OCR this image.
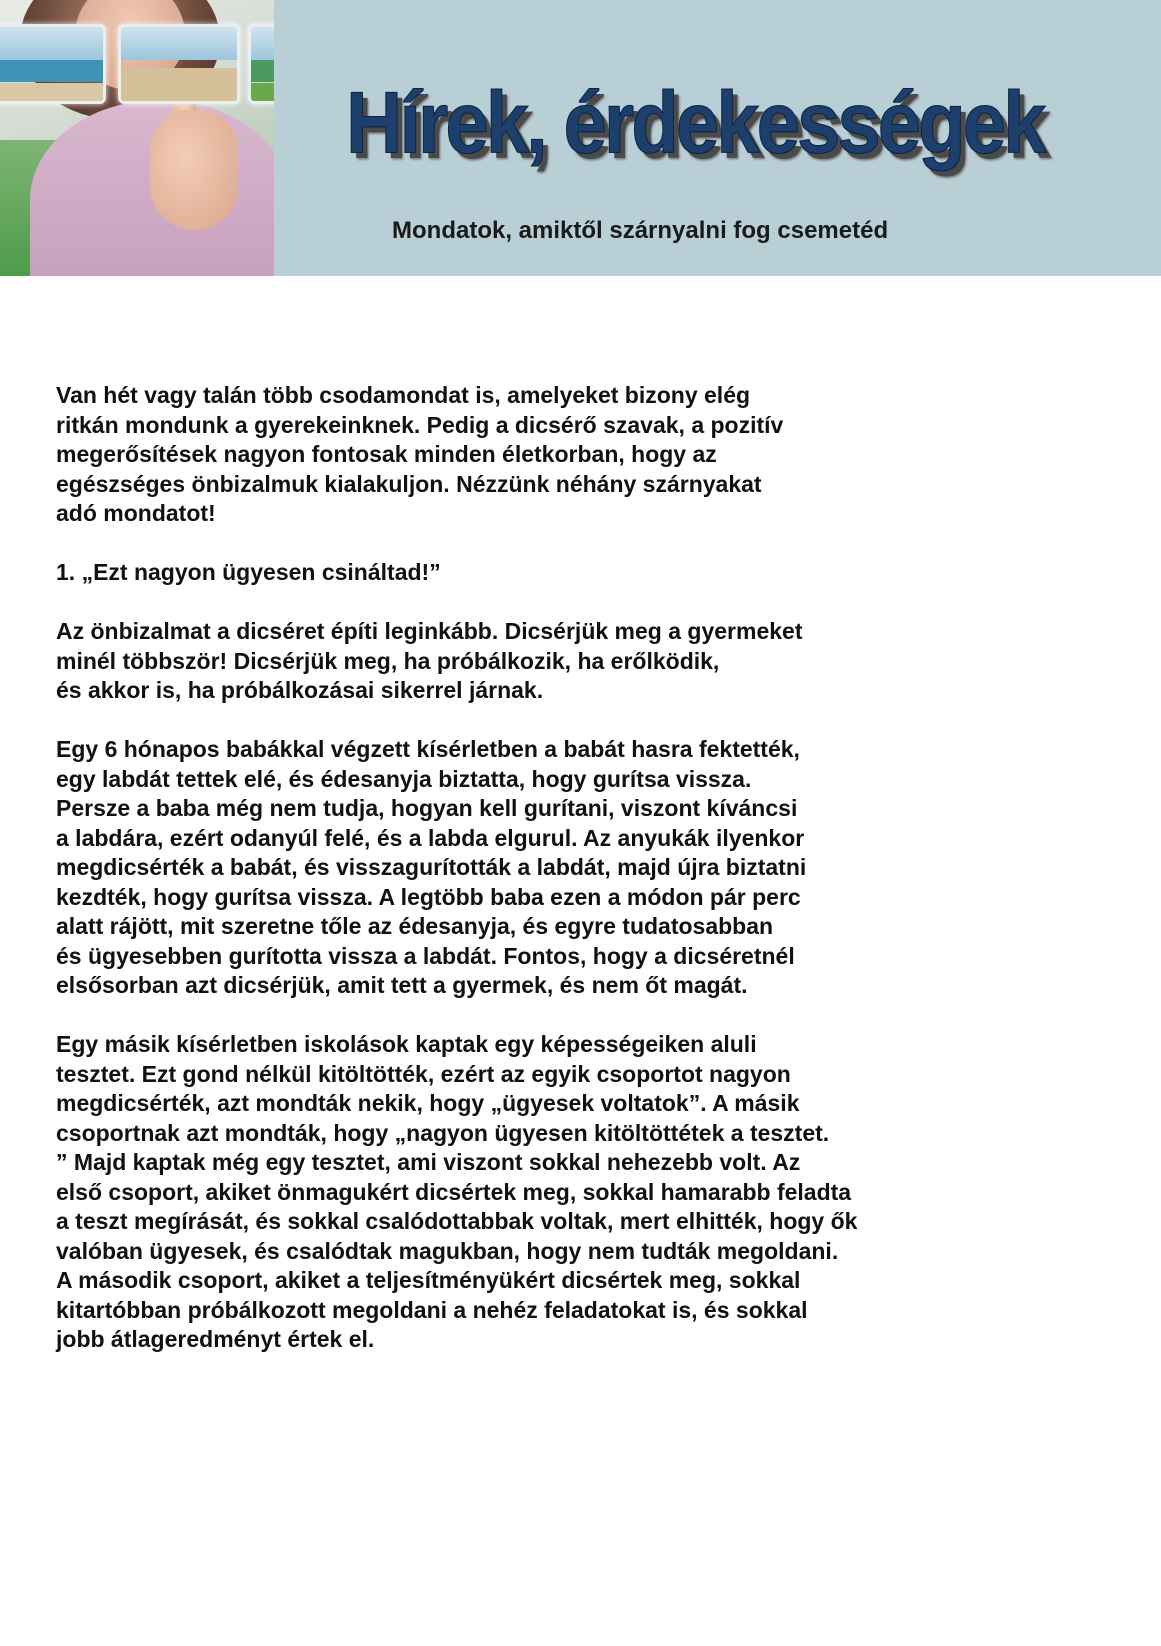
Hírek, érdekességek
Mondatok, amiktől szárnyalni fog csemetéd

Van hét vagy talán több csodamondat is, amelyeket bizony elég
ritkán mondunk a gyerekeinknek. Pedig a dicsérő szavak, a pozitív
megerősítések nagyon fontosak minden életkorban, hogy az
egészséges önbizalmuk kialakuljon. Nézzünk néhány szárnyakat
adó mondatot!

1. „Ezt nagyon ügyesen csináltad!”

Az önbizalmat a dicséret építi leginkább. Dicsérjük meg a gyermeket
minél többször! Dicsérjük meg, ha próbálkozik, ha erőlködik,
és akkor is, ha próbálkozásai sikerrel járnak.

Egy 6 hónapos babákkal végzett kísérletben a babát hasra fektették,
egy labdát tettek elé, és édesanyja biztatta, hogy gurítsa vissza.
Persze a baba még nem tudja, hogyan kell gurítani, viszont kíváncsi
a labdára, ezért odanyúl felé, és a labda elgurul. Az anyukák ilyenkor
megdicsérték a babát, és visszagurították a labdát, majd újra biztatni
kezdték, hogy gurítsa vissza. A legtöbb baba ezen a módon pár perc
alatt rájött, mit szeretne tőle az édesanyja, és egyre tudatosabban
és ügyesebben gurította vissza a labdát. Fontos, hogy a dicséretnél
elsősorban azt dicsérjük, amit tett a gyermek, és nem őt magát.

Egy másik kísérletben iskolások kaptak egy képességeiken aluli
tesztet. Ezt gond nélkül kitöltötték, ezért az egyik csoportot nagyon
megdicsérték, azt mondták nekik, hogy „ügyesek voltatok”. A másik
csoportnak azt mondták, hogy „nagyon ügyesen kitöltöttétek a tesztet.
” Majd kaptak még egy tesztet, ami viszont sokkal nehezebb volt. Az
első csoport, akiket önmagukért dicsértek meg, sokkal hamarabb feladta
a teszt megírását, és sokkal csalódottabbak voltak, mert elhitték, hogy ők
valóban ügyesek, és csalódtak magukban, hogy nem tudták megoldani.
A második csoport, akiket a teljesítményükért dicsértek meg, sokkal
kitartóbban próbálkozott megoldani a nehéz feladatokat is, és sokkal
jobb átlageredményt értek el.
